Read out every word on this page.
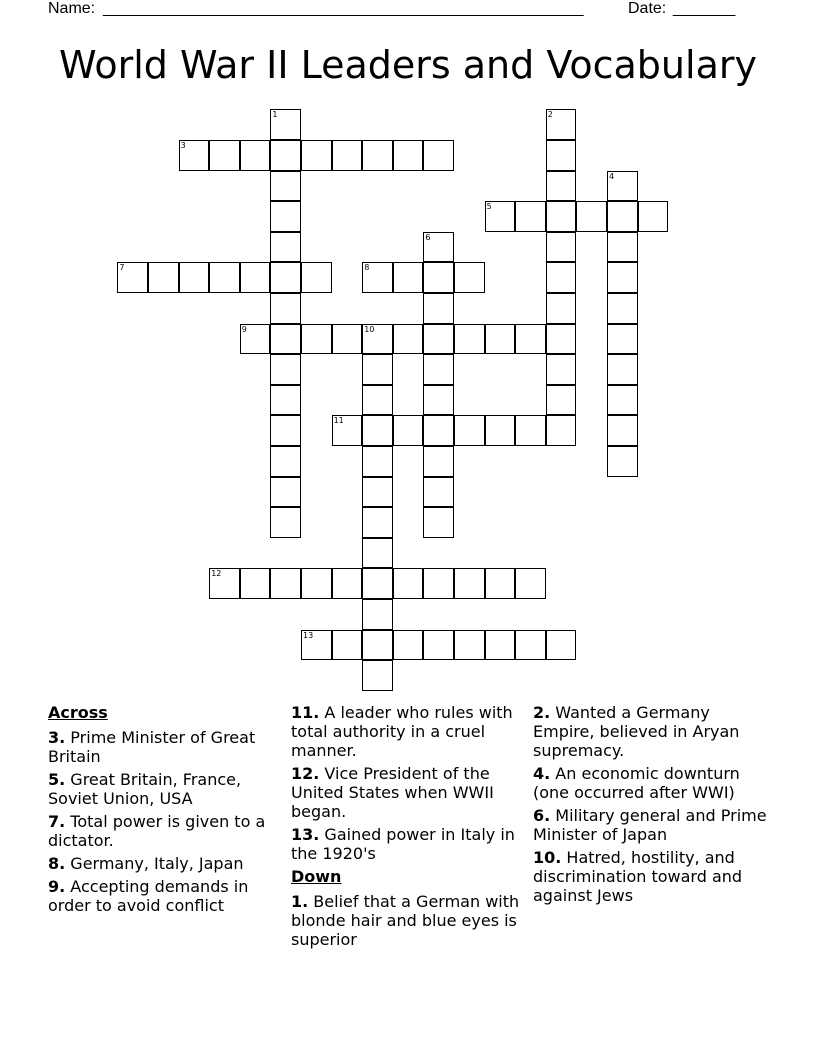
Name: ______________________________________________________	Date: _______
World War II Leaders and Vocabulary
1	2
3
4
5
6
7	8
9	10
11
12
13
Across
3. Prime Minister of Great Britain
5. Great Britain, France, Soviet Union, USA
7. Total power is given to a dictator.
8. Germany, Italy, Japan
9. Accepting demands in order to avoid conflict
11. A leader who rules with total authority in a cruel manner.
12. Vice President of the United States when WWII began.
13. Gained power in Italy in the 1920's
Down
1. Belief that a German with blonde hair and blue eyes is superior
2. Wanted a Germany Empire, believed in Aryan supremacy.
4. An economic downturn (one occurred after WWI)
6. Military general and Prime Minister of Japan
10. Hatred, hostility, and discrimination toward and against Jews
